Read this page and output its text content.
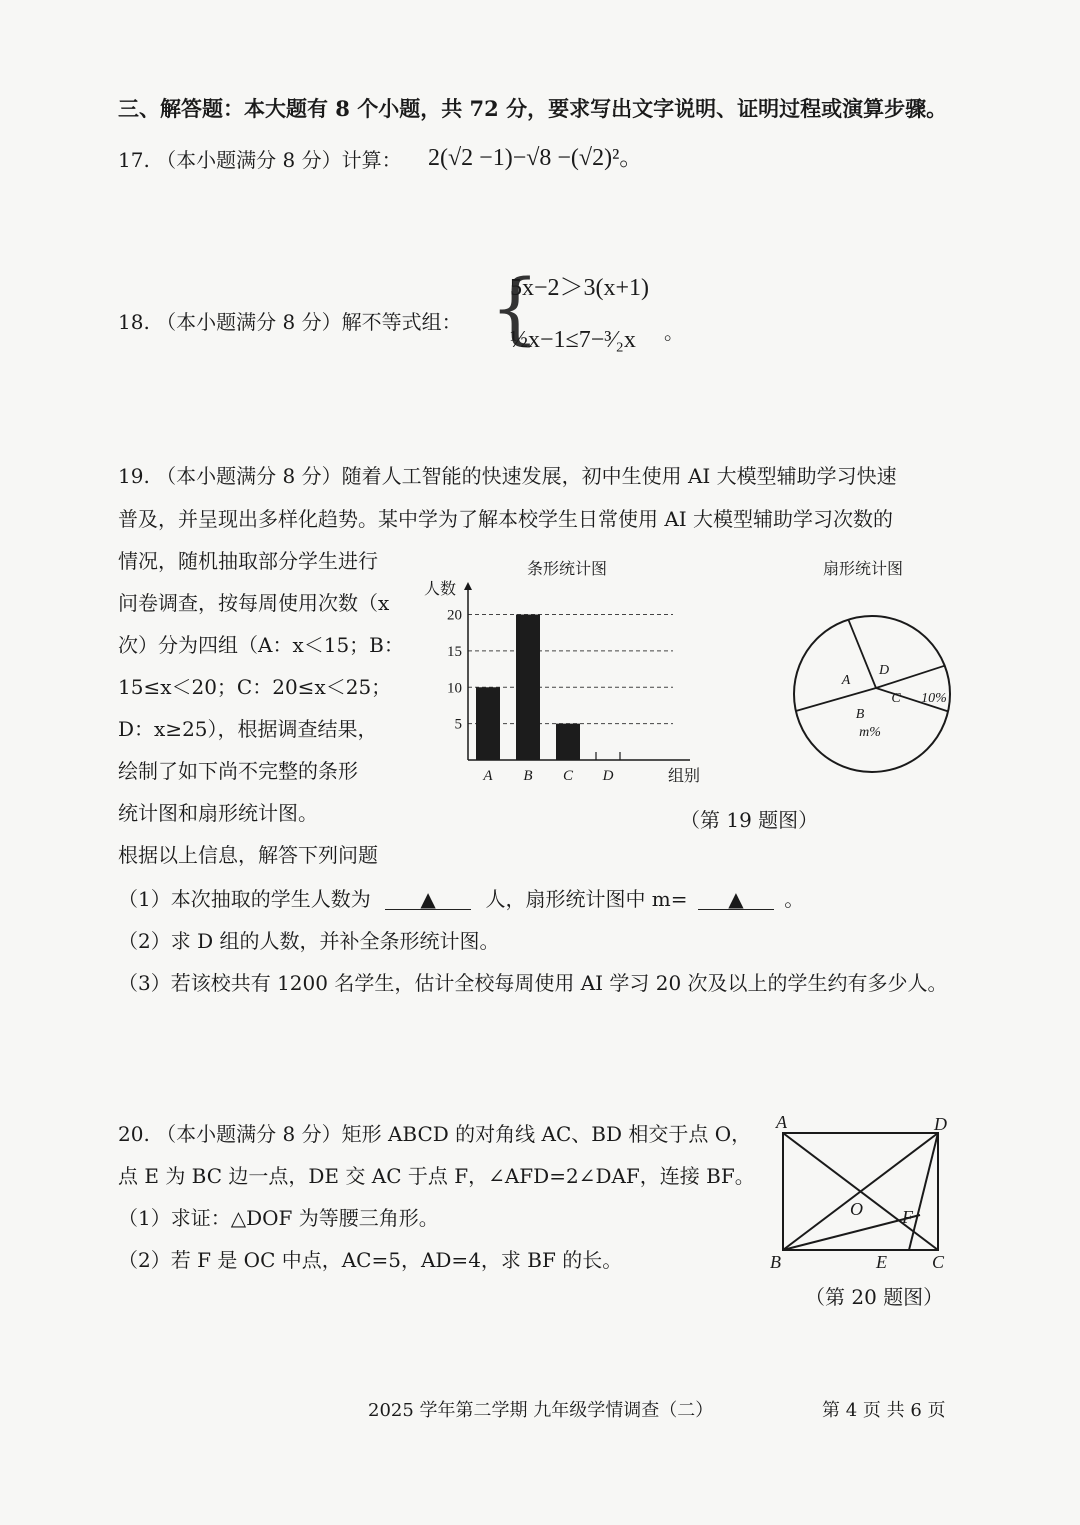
三、解答题：本大题有 8 个小题，共 72 分，要求写出文字说明、证明过程或演算步骤。
17. （本小题满分 8 分）计算： 2(√2 −1)−√8 −(√2)²。
18. （本小题满分 8 分）解不等式组： {
5x−2＞3(x+1)
½x−1≤7−³⁄₂x 。
19. （本小题满分 8 分）随着人工智能的快速发展，初中生使用 AI 大模型辅助学习快速
普及，并呈现出多样化趋势。某中学为了解本校学生日常使用 AI 大模型辅助学习次数的
情况，随机抽取部分学生进行
问卷调查，按每周使用次数（x
次）分为四组（A：x＜15；B：
15≤x＜20；C：20≤x＜25；
D：x≥25），根据调查结果，
绘制了如下尚不完整的条形
统计图和扇形统计图。
根据以上信息，解答下列问题
条形统计图
人数
组别
5
10
15
20
A B C D
扇形统计图
A
D
C
B
10%
m%
（第 19 题图）
（1）本次抽取的学生人数为 ▲ 人，扇形统计图中 m= ▲ 。
（2）求 D 组的人数，并补全条形统计图。
（3）若该校共有 1200 名学生，估计全校每周使用 AI 学习 20 次及以上的学生约有多少人。
20. （本小题满分 8 分）矩形 ABCD 的对角线 AC、BD 相交于点 O，
点 E 为 BC 边一点，DE 交 AC 于点 F，∠AFD=2∠DAF，连接 BF。
（1）求证：△DOF 为等腰三角形。
（2）若 F 是 OC 中点，AC=5，AD=4，求 BF 的长。
A	D
O F
B	E	C
（第 20 题图）
2025 学年第二学期 九年级学情调查（二）	第 4 页 共 6 页
